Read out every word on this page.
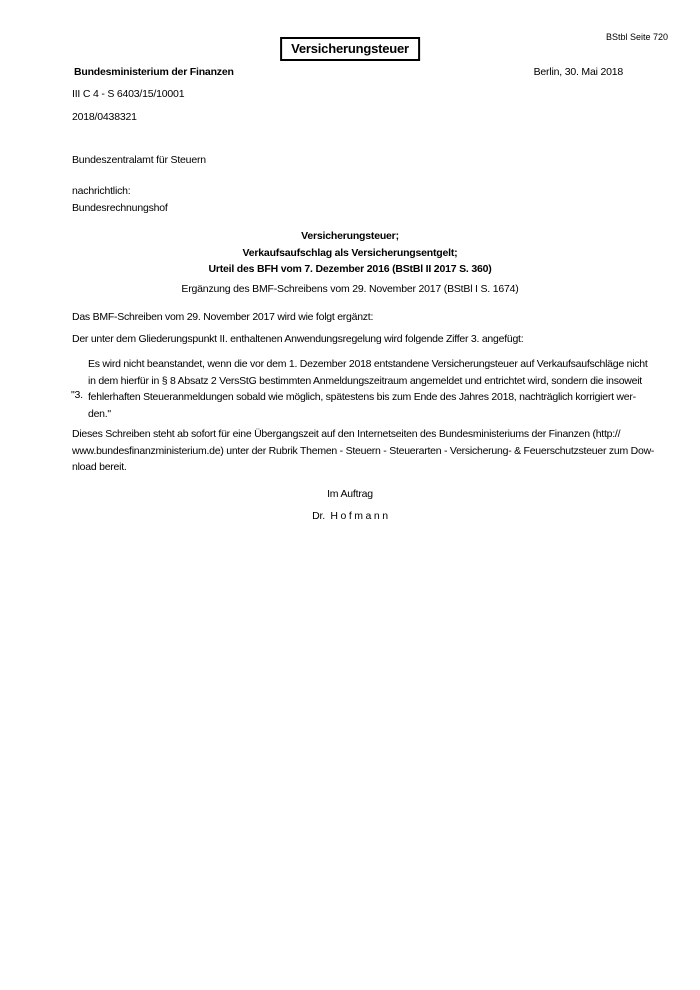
BStbl Seite 720
Versicherungsteuer
Bundesministerium der Finanzen	Berlin, 30. Mai 2018
III C 4 - S 6403/15/10001
2018/0438321
Bundeszentralamt für Steuern
nachrichtlich:
Bundesrechnungshof
Versicherungsteuer;
Verkaufsaufschlag als Versicherungsentgelt;
Urteil des BFH vom 7. Dezember 2016 (BStBl II 2017 S. 360)
Ergänzung des BMF-Schreibens vom 29. November 2017 (BStBl I S. 1674)
Das BMF-Schreiben vom 29. November 2017 wird wie folgt ergänzt:
Der unter dem Gliederungspunkt II. enthaltenen Anwendungsregelung wird folgende Ziffer 3. angefügt:
"3.
Es wird nicht beanstandet, wenn die vor dem 1. Dezember 2018 entstandene Versicherungsteuer auf Verkaufsaufschläge nicht
in dem hierfür in § 8 Absatz 2 VersStG bestimmten Anmeldungszeitraum angemeldet und entrichtet wird, sondern die insoweit
fehlerhaften Steueranmeldungen sobald wie möglich, spätestens bis zum Ende des Jahres 2018, nachträglich korrigiert wer-
den."
Dieses Schreiben steht ab sofort für eine Übergangszeit auf den Internetseiten des Bundesministeriums der Finanzen (http://
www.bundesfinanzministerium.de) unter der Rubrik Themen - Steuern - Steuerarten - Versicherung- & Feuerschutzsteuer zum Dow-
nload bereit.
Im Auftrag
Dr.  H o f m a n n
